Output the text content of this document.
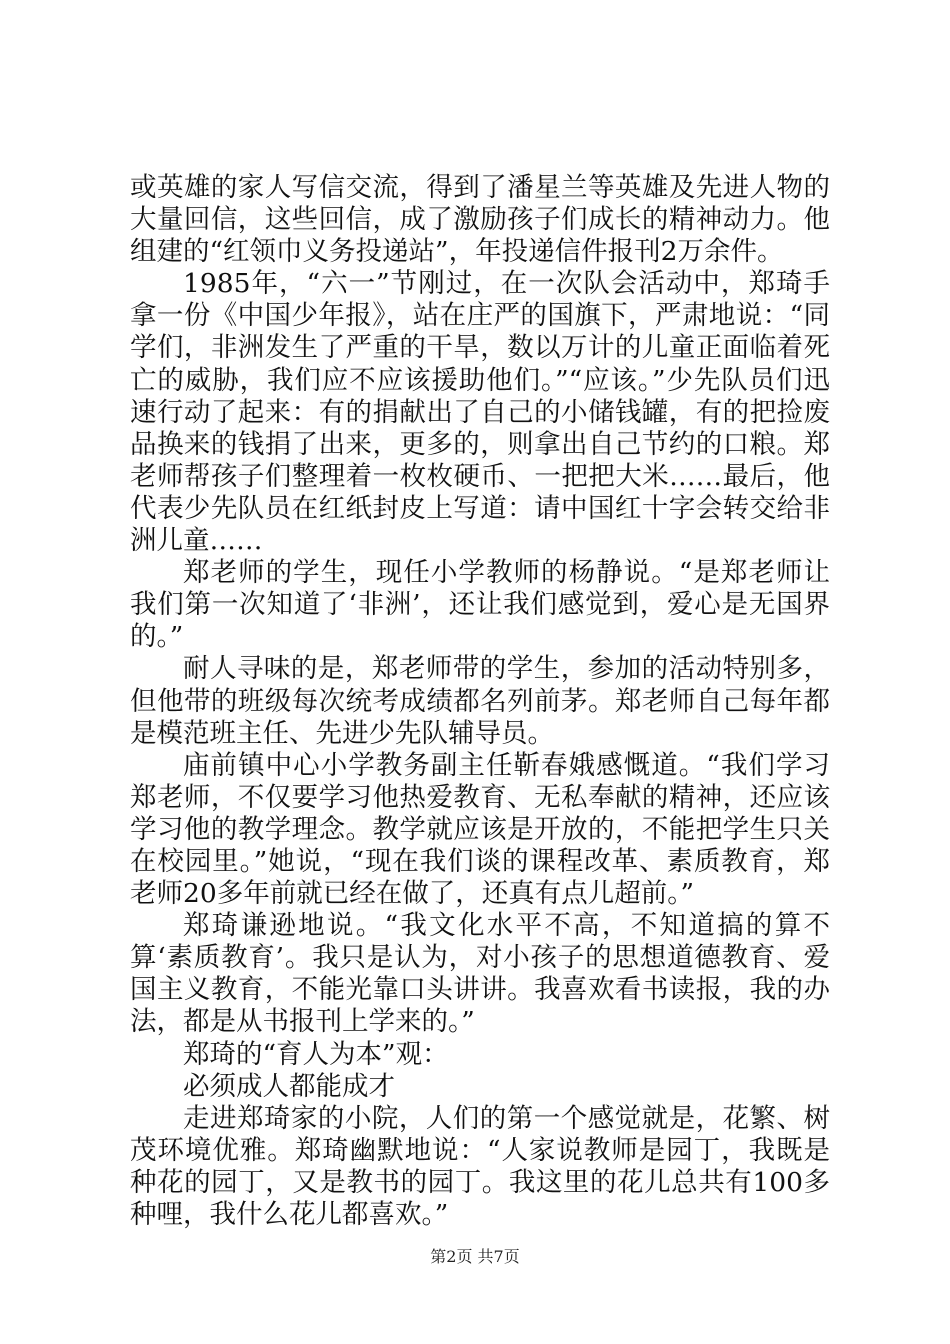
或英雄的家人写信交流，得到了潘星兰等英雄及先进人物的大量回信，这些回信，成了激励孩子们成长的精神动力。他组建的“红领巾义务投递站”，年投递信件报刊2万余件。

1985年，“六一”节刚过，在一次队会活动中，郑琦手拿一份《中国少年报》，站在庄严的国旗下，严肃地说：“同学们，非洲发生了严重的干旱，数以万计的儿童正面临着死亡的威胁，我们应不应该援助他们。”“应该。”少先队员们迅速行动了起来：有的捐献出了自己的小储钱罐，有的把捡废品换来的钱捐了出来，更多的，则拿出自己节约的口粮。郑老师帮孩子们整理着一枚枚硬币、一把把大米……最后，他代表少先队员在红纸封皮上写道：请中国红十字会转交给非洲儿童……

郑老师的学生，现任小学教师的杨静说。“是郑老师让我们第一次知道了‘非洲’，还让我们感觉到，爱心是无国界的。”

耐人寻味的是，郑老师带的学生，参加的活动特别多，但他带的班级每次统考成绩都名列前茅。郑老师自己每年都是模范班主任、先进少先队辅导员。

庙前镇中心小学教务副主任靳春娥感慨道。“我们学习郑老师，不仅要学习他热爱教育、无私奉献的精神，还应该学习他的教学理念。教学就应该是开放的，不能把学生只关在校园里。”她说，“现在我们谈的课程改革、素质教育，郑老师20多年前就已经在做了，还真有点儿超前。”

郑琦谦逊地说。“我文化水平不高，不知道搞的算不算‘素质教育’。我只是认为，对小孩子的思想道德教育、爱国主义教育，不能光靠口头讲讲。我喜欢看书读报，我的办法，都是从书报刊上学来的。”

郑琦的“育人为本”观：

必须成人都能成才

走进郑琦家的小院，人们的第一个感觉就是，花繁、树茂环境优雅。郑琦幽默地说：“人家说教师是园丁，我既是种花的园丁，又是教书的园丁。我这里的花儿总共有100多种哩，我什么花儿都喜欢。”

第2页 共7页
